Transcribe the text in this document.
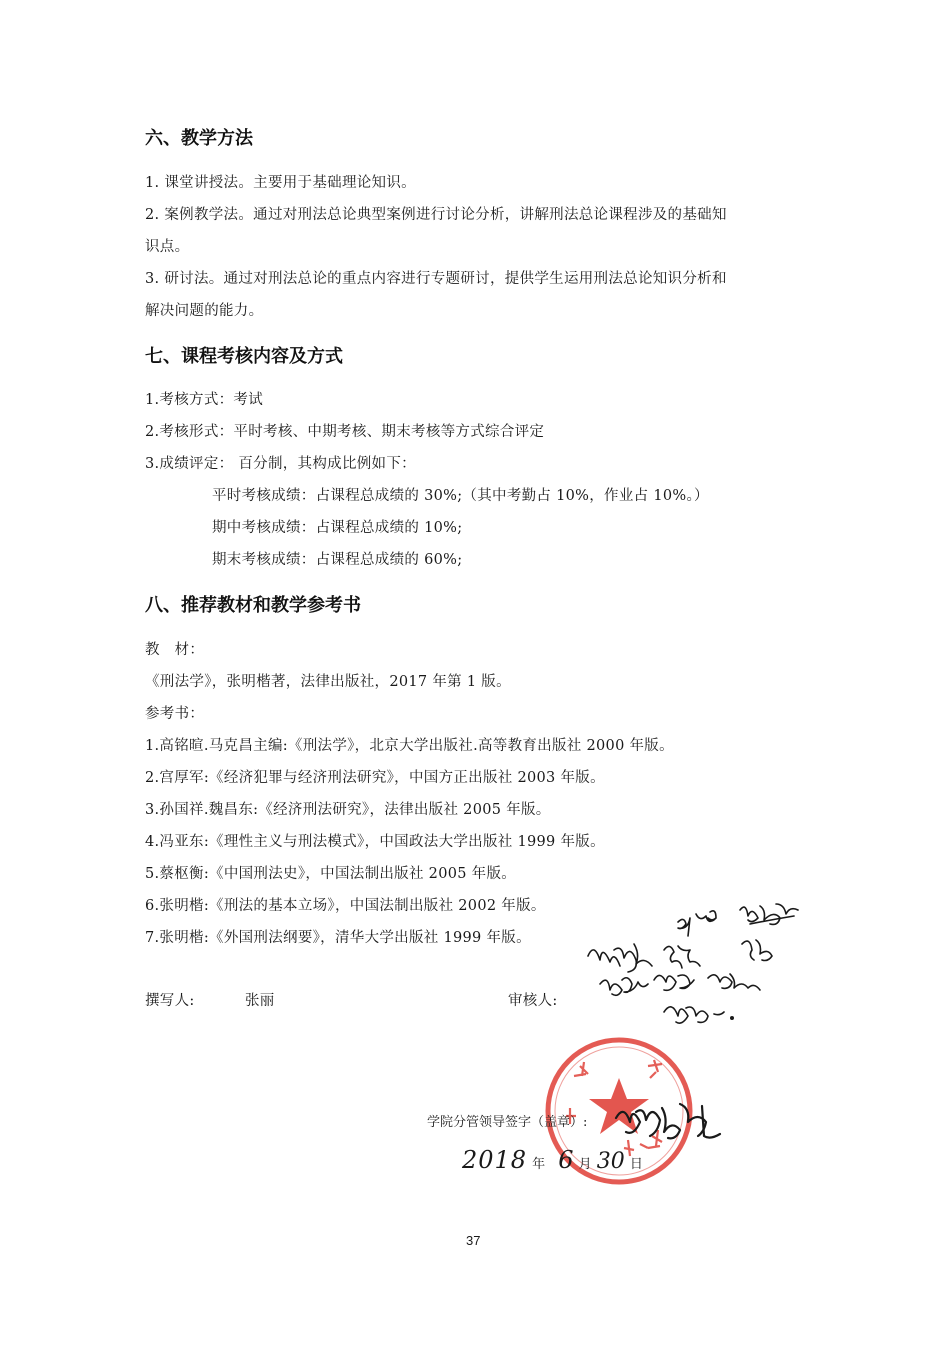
六、教学方法
1. 课堂讲授法。主要用于基础理论知识。
2. 案例教学法。通过对刑法总论典型案例进行讨论分析，讲解刑法总论课程涉及的基础知
识点。
3. 研讨法。通过对刑法总论的重点内容进行专题研讨，提供学生运用刑法总论知识分析和
解决问题的能力。
七、课程考核内容及方式
1.考核方式：考试
2.考核形式：平时考核、中期考核、期末考核等方式综合评定
3.成绩评定： 百分制，其构成比例如下：
平时考核成绩：占课程总成绩的 30%;（其中考勤占 10%，作业占 10%。）
期中考核成绩：占课程总成绩的 10%;
期末考核成绩：占课程总成绩的 60%;
八、推荐教材和教学参考书
教   材：
《刑法学》，张明楷著，法律出版社，2017 年第 1 版。
参考书：
1.高铭暄.马克昌主编:《刑法学》，北京大学出版社.高等教育出版社 2000 年版。
2.宫厚军:《经济犯罪与经济刑法研究》，中国方正出版社 2003 年版。
3.孙国祥.魏昌东:《经济刑法研究》，法律出版社 2005 年版。
4.冯亚东:《理性主义与刑法模式》，中国政法大学出版社 1999 年版。
5.蔡枢衡:《中国刑法史》，中国法制出版社 2005 年版。
6.张明楷:《刑法的基本立场》，中国法制出版社 2002 年版。
7.张明楷:《外国刑法纲要》，清华大学出版社 1999 年版。
撰写人:	张丽	审核人:
学院分管领导签字（盖章）:
2018 年 6 月 30 日
37
